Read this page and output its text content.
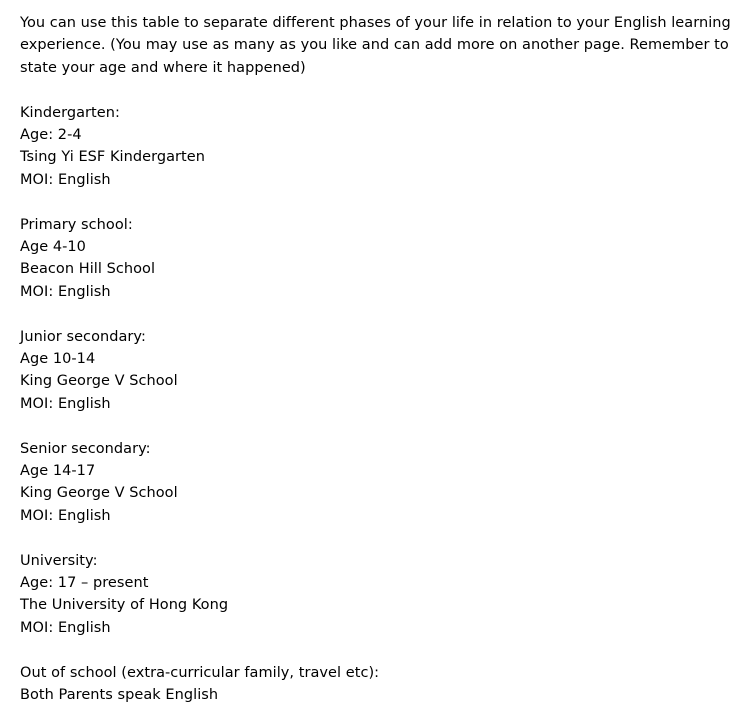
You can use this table to separate different phases of your life in relation to your English learning
experience. (You may use as many as you like and can add more on another page. Remember to
state your age and where it happened)
Kindergarten:
Age: 2-4
Tsing Yi ESF Kindergarten
MOI: English
Primary school:
Age 4-10
Beacon Hill School
MOI: English
Junior secondary:
Age 10-14
King George V School
MOI: English
Senior secondary:
Age 14-17
King George V School
MOI: English
University:
Age: 17 – present
The University of Hong Kong
MOI: English
Out of school (extra-curricular family, travel etc):
Both Parents speak English
